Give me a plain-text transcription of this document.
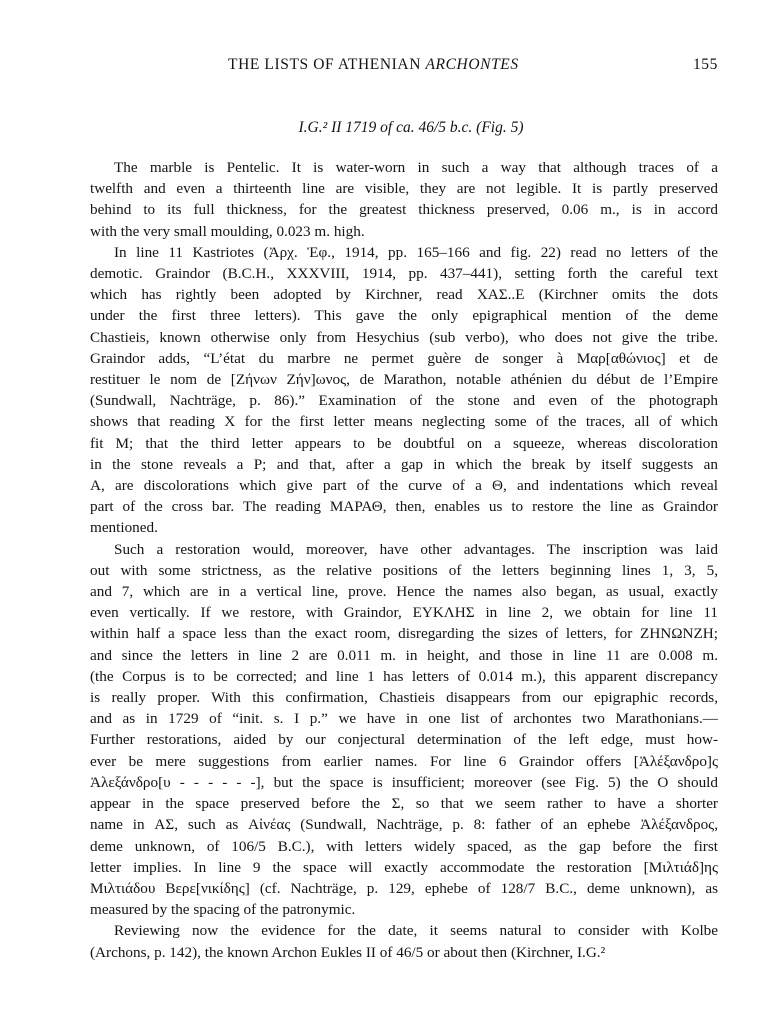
THE LISTS OF ATHENIAN ARCHONTES	155
I.G.² II 1719 of ca. 46/5 b.c. (Fig. 5)
The marble is Pentelic. It is water-worn in such a way that although traces of a
twelfth and even a thirteenth line are visible, they are not legible. It is partly preserved
behind to its full thickness, for the greatest thickness preserved, 0.06 m., is in accord
with the very small moulding, 0.023 m. high.
In line 11 Kastriotes (Ἀρχ. Ἐφ., 1914, pp. 165–166 and fig. 22) read no letters of the
demotic. Graindor (B.C.H., XXXVIII, 1914, pp. 437–441), setting forth the careful text
which has rightly been adopted by Kirchner, read ΧΑΣ..Ε (Kirchner omits the dots
under the first three letters). This gave the only epigraphical mention of the deme
Chastieis, known otherwise only from Hesychius (sub verbo), who does not give the tribe.
Graindor adds, “L’état du marbre ne permet guère de songer à Μαρ[αθώνιος] et de
restituer le nom de [Ζήνων Ζήν]ωνος, de Marathon, notable athénien du début de l’Empire
(Sundwall, Nachträge, p. 86).” Examination of the stone and even of the photograph
shows that reading Χ for the first letter means neglecting some of the traces, all of which
fit Μ; that the third letter appears to be doubtful on a squeeze, whereas discoloration
in the stone reveals a Ρ; and that, after a gap in which the break by itself suggests an
Α, are discolorations which give part of the curve of a Θ, and indentations which reveal
part of the cross bar. The reading ΜΑΡΑΘ, then, enables us to restore the line as Graindor
mentioned.
Such a restoration would, moreover, have other advantages. The inscription was laid
out with some strictness, as the relative positions of the letters beginning lines 1, 3, 5,
and 7, which are in a vertical line, prove. Hence the names also began, as usual, exactly
even vertically. If we restore, with Graindor, ΕΥΚΛΗΣ in line 2, we obtain for line 11
within half a space less than the exact room, disregarding the sizes of letters, for ΖΗΝΩΝΖΗ;
and since the letters in line 2 are 0.011 m. in height, and those in line 11 are 0.008 m.
(the Corpus is to be corrected; and line 1 has letters of 0.014 m.), this apparent discrepancy
is really proper. With this confirmation, Chastieis disappears from our epigraphic records,
and as in 1729 of “init. s. I p.” we have in one list of archontes two Marathonians.—
Further restorations, aided by our conjectural determination of the left edge, must how-
ever be mere suggestions from earlier names. For line 6 Graindor offers [Ἀλέξανδρο]ς
Ἀλεξάνδρο[υ - - - - - -], but the space is insufficient; moreover (see Fig. 5) the Ο should
appear in the space preserved before the Σ, so that we seem rather to have a shorter
name in ΑΣ, such as Αἰνέας (Sundwall, Nachträge, p. 8: father of an ephebe Ἀλέξανδρος,
deme unknown, of 106/5 B.C.), with letters widely spaced, as the gap before the first
letter implies. In line 9 the space will exactly accommodate the restoration [Μιλτιάδ]ης
Μιλτιάδου Βερε[νικίδης] (cf. Nachträge, p. 129, ephebe of 128/7 B.C., deme unknown), as
measured by the spacing of the patronymic.
Reviewing now the evidence for the date, it seems natural to consider with Kolbe
(Archons, p. 142), the known Archon Eukles II of 46/5 or about then (Kirchner, I.G.²
